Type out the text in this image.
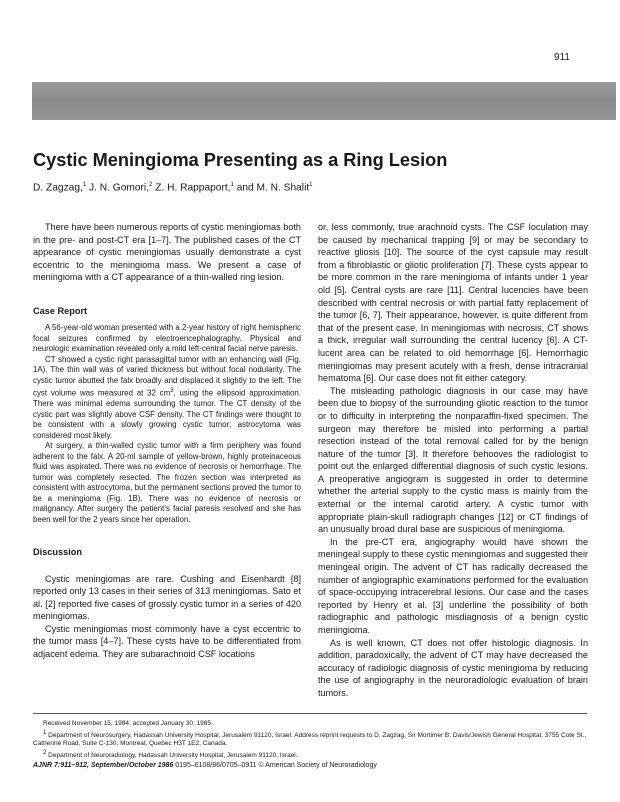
911
Cystic Meningioma Presenting as a Ring Lesion
D. Zagzag,$^1$ J. N. Gomori,$^2$ Z. H. Rappaport,$^1$ and M. N. Shalit$^1$

There have been numerous reports of cystic meningiomas both in the pre- and post-CT era [1–7]. The published cases of the CT appearance of cystic meningiomas usually demonstrate a cyst eccentric to the meningioma mass. We present a case of meningioma with a CT appearance of a thin-walled ring lesion.

Case Report

A 56-year-old woman presented with a 2-year history of right hemispheric focal seizures confirmed by electroencephalography. Physical and neurologic examination revealed only a mild left-central facial nerve paresis.

CT showed a cystic right parasagittal tumor with an enhancing wall (Fig. 1A). The thin wall was of varied thickness but without focal nodularity. The cystic tumor abutted the falx broadly and displaced it slightly to the left. The cyst volume was measured at 32 $cm^3$, using the ellipsoid approximation. There was minimal edema surrounding the tumor. The CT density of the cystic part was slightly above CSF density. The CT findings were thought to be consistent with a slowly growing cystic tumor; astrocytoma was considered most likely.

At surgery, a thin-walled cystic tumor with a firm periphery was found adherent to the falx. A 20-ml sample of yellow-brown, highly proteinaceous fluid was aspirated. There was no evidence of necrosis or hemorrhage. The tumor was completely resected. The frozen section was interpreted as consistent with astrocytoma, but the permanent sections proved the tumor to be a meningioma (Fig. 1B). There was no evidence of necrosis or malignancy. After surgery the patient’s facial paresis resolved and she has been well for the 2 years since her operation.

Discussion

Cystic meningiomas are rare. Cushing and Eisenhardt [8] reported only 13 cases in their series of 313 meningiomas. Sato et al. [2] reported five cases of grossly cystic tumor in a series of 420 meningiomas.

Cystic meningiomas most commonly have a cyst eccentric to the tumor mass [4–7]. These cysts have to be differentiated from adjacent edema. They are subarachnoid CSF locations

or, less commonly, true arachnoid cysts. The CSF loculation may be caused by mechanical trapping [9] or may be secondary to reactive gliosis [10]. The source of the cyst capsule may result from a fibroblastic or gliotic proliferation [7]. These cysts appear to be more common in the rare meningioma of infants under 1 year old [5]. Central cysts are rare [11]. Central lucencies have been described with central necrosis or with partial fatty replacement of the tumor [6, 7]. Their appearance, however, is quite different from that of the present case. In meningiomas with necrosis, CT shows a thick, irregular wall surrounding the central lucency [6]. A CT-lucent area can be related to old hemorrhage [6]. Hemorrhagic meningiomas may present acutely with a fresh, dense intracranial hematoma [6]. Our case does not fit either category.

The misleading pathologic diagnosis in our case may have been due to biopsy of the surrounding gliotic reaction to the tumor or to difficulty in interpreting the nonparaffin-fixed specimen. The surgeon may therefore be misled into performing a partial resection instead of the total removal called for by the benign nature of the tumor [3]. It therefore behooves the radiologist to point out the enlarged differential diagnosis of such cystic lesions. A preoperative angiogram is suggested in order to determine whether the arterial supply to the cystic mass is mainly from the external or the internal carotid artery. A cystic tumor with appropriate plain-skull radiograph changes [12] or CT findings of an unusually broad dural base are suspicious of meningioma.

In the pre-CT era, angiography would have shown the meningeal supply to these cystic meningiomas and suggested their meningeal origin. The advent of CT has radically decreased the number of angiographic examinations performed for the evaluation of space-occupying intracerebral lesions. Our case and the cases reported by Henry et al. [3] underline the possibility of both radiographic and pathologic misdiagnosis of a benign cystic meningioma.

As is well known, CT does not offer histologic diagnosis. In addition, paradoxically, the advent of CT may have decreased the accuracy of radiologic diagnosis of cystic meningioma by reducing the use of angiography in the neuroradiologic evaluation of brain tumors.

Received November 15, 1984; accepted January 30, 1985.

$^1$ Department of Neurosurgery, Hadassah University Hospital, Jerusalem 91120, Israel. Address reprint requests to D. Zagzag, Sir Mortimer B. Davis/Jewish General Hospital, 3755 Cote St., Catherine Road, Suite C-130, Montreal, Quebec H3T 1E2, Canada.

$^2$ Department of Neuroradiology, Hadassah University Hospital, Jerusalem 91120, Israel.

AJNR 7:911–912, September/October 1986 0195–6108/86/0705–0911 © American Society of Neuroradiology
